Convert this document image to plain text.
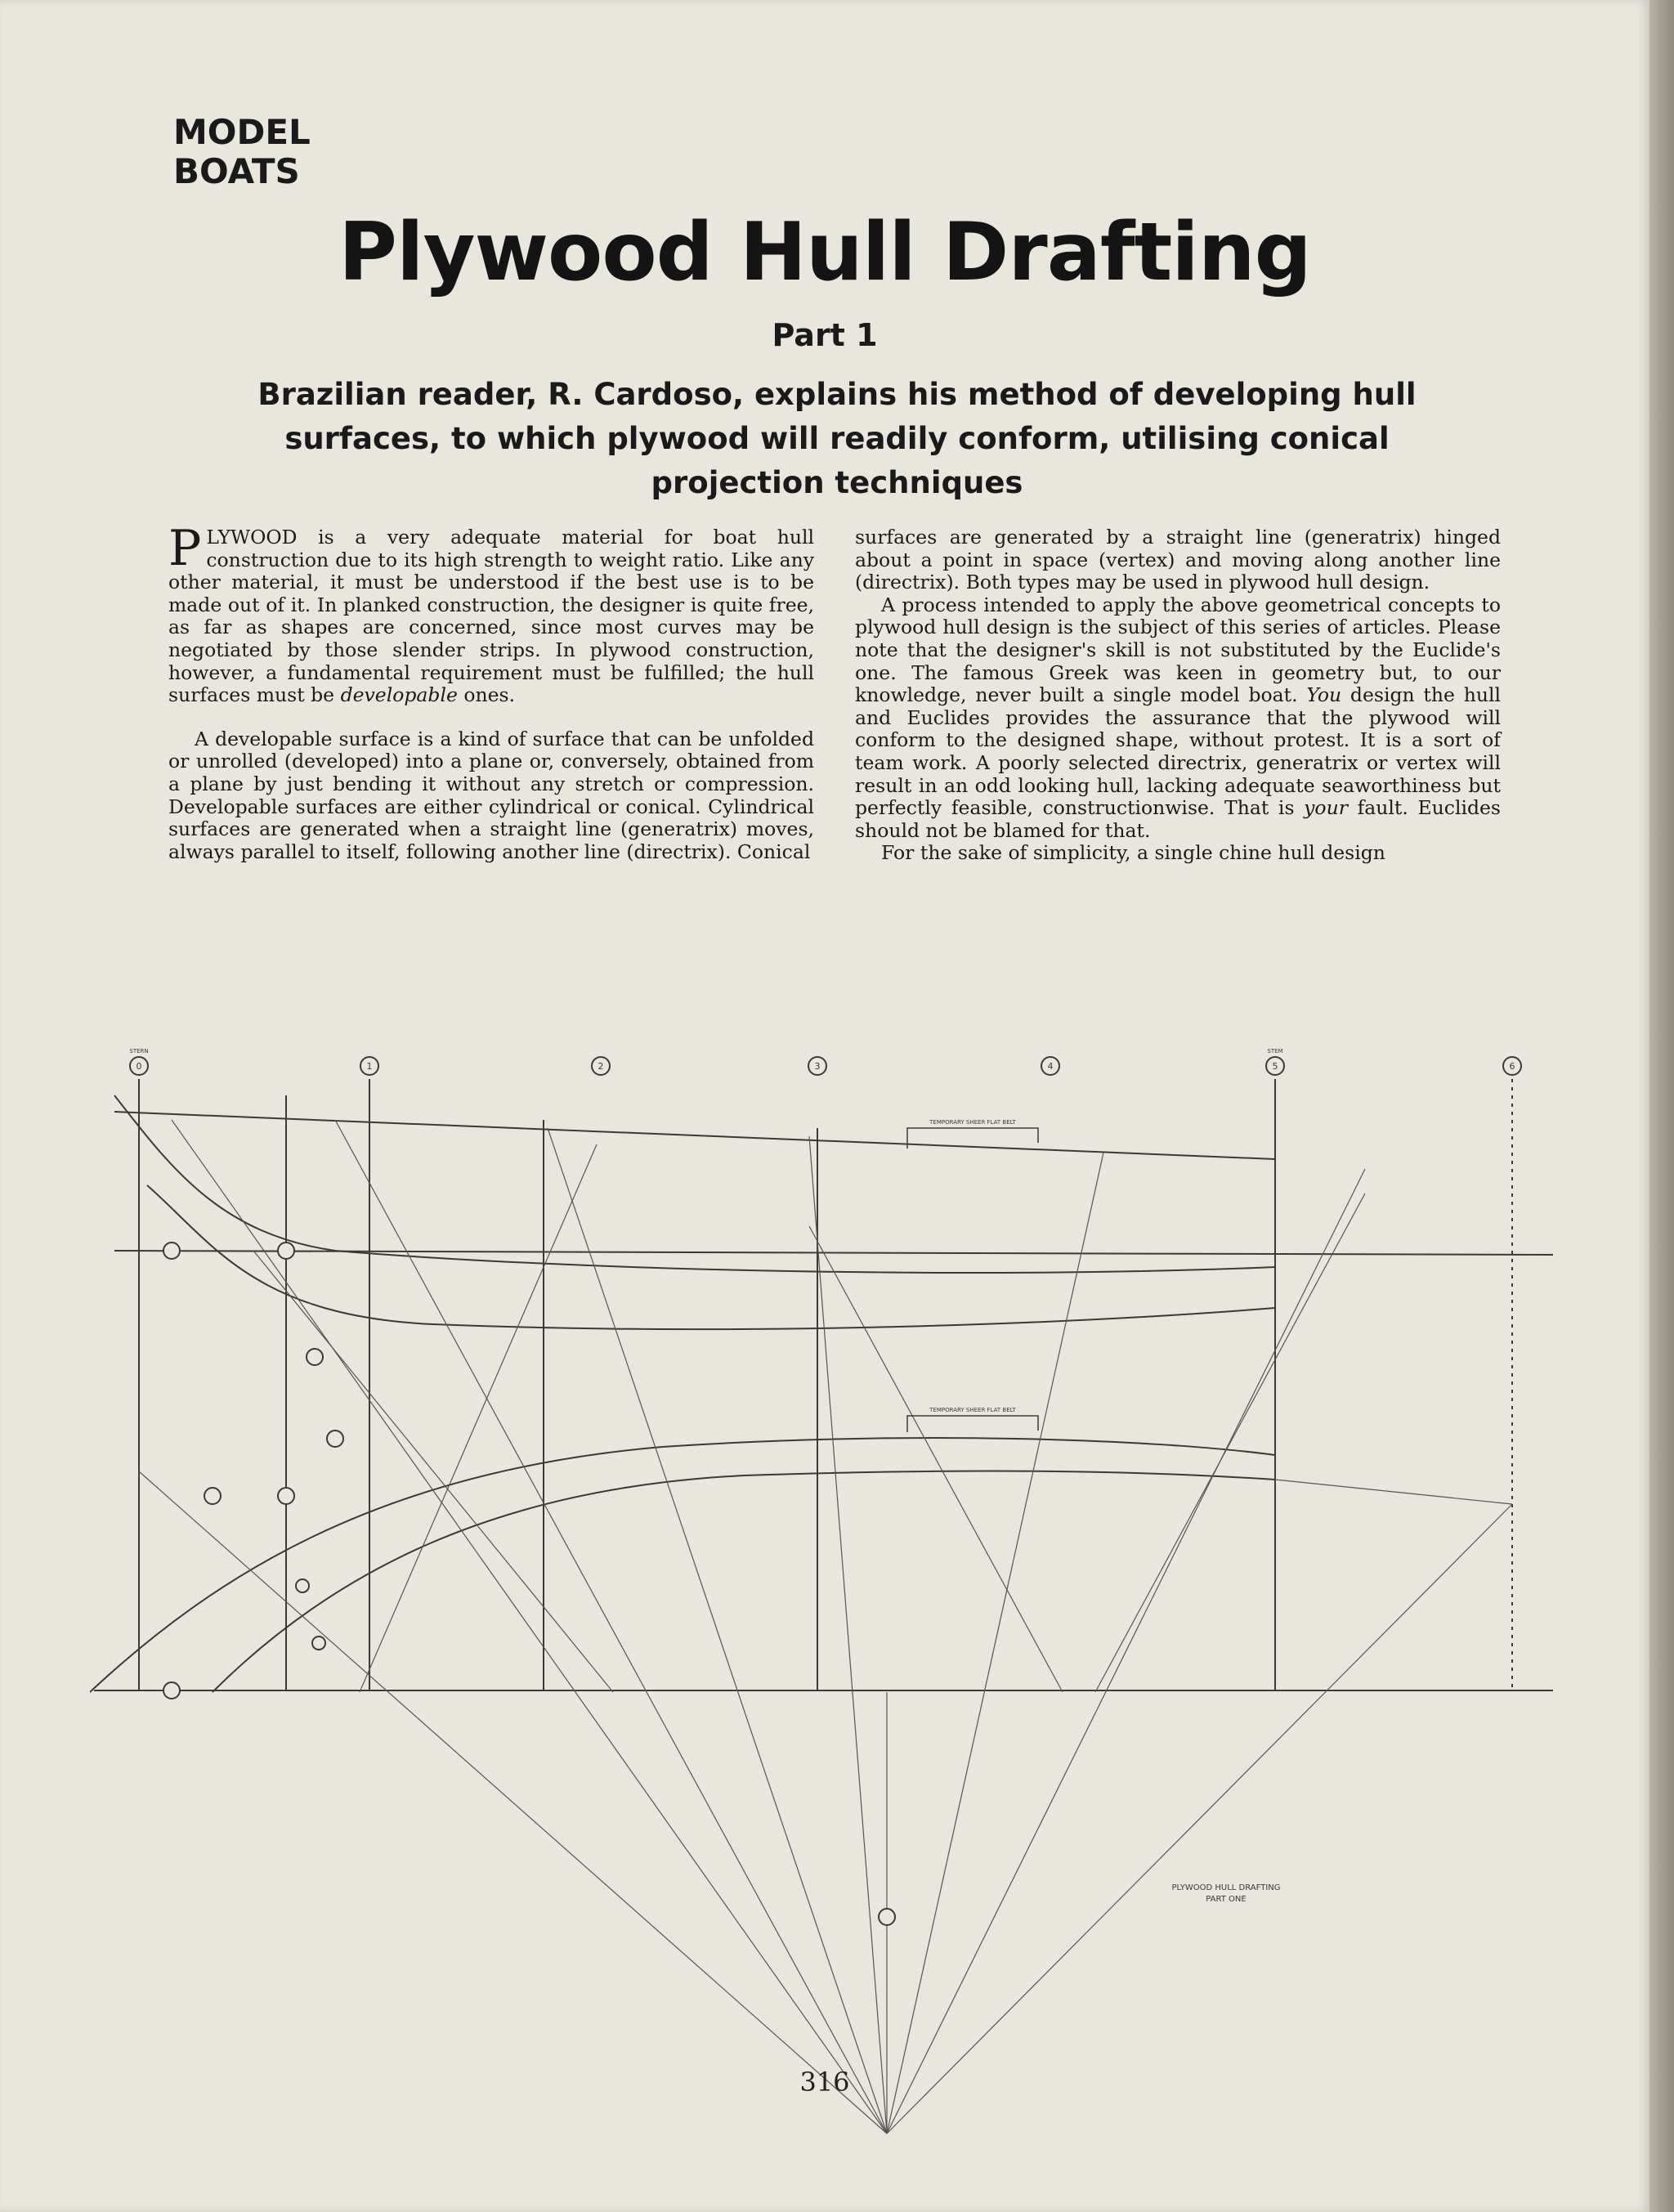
MODEL
BOATS
Plywood Hull Drafting
Part 1
Brazilian reader, R. Cardoso, explains his method of developing hull surfaces, to which plywood will readily conform, utilising conical projection techniques

PLYWOOD is a very adequate material for boat hull construction due to its high strength to weight ratio. Like any other material, it must be understood if the best use is to be made out of it. In planked construction, the designer is quite free, as far as shapes are concerned, since most curves may be negotiated by those slender strips. In plywood construction, however, a fundamental requirement must be fulfilled; the hull surfaces must be developable ones.

A developable surface is a kind of surface that can be unfolded or unrolled (developed) into a plane or, conversely, obtained from a plane by just bending it without any stretch or compression. Developable surfaces are either cylindrical or conical. Cylindrical surfaces are generated when a straight line (generatrix) moves, always parallel to itself, following another line (directrix). Conical

surfaces are generated by a straight line (generatrix) hinged about a point in space (vertex) and moving along another line (directrix). Both types may be used in plywood hull design.

A process intended to apply the above geometrical concepts to plywood hull design is the subject of this series of articles. Please note that the designer's skill is not substituted by the Euclide's one. The famous Greek was keen in geometry but, to our knowledge, never built a single model boat. You design the hull and Euclides provides the assurance that the plywood will conform to the designed shape, without protest. It is a sort of team work. A poorly selected directrix, generatrix or vertex will result in an odd looking hull, lacking adequate seaworthiness but perfectly feasible, constructionwise. That is your fault. Euclides should not be blamed for that.

For the sake of simplicity, a single chine hull design

0	1	2	3	4	5	6
STERN	STEM
TEMPORARY SHEER FLAT BELT
TEMPORARY SHEER FLAT BELT
PLYWOOD HULL DRAFTING
PART ONE
316
